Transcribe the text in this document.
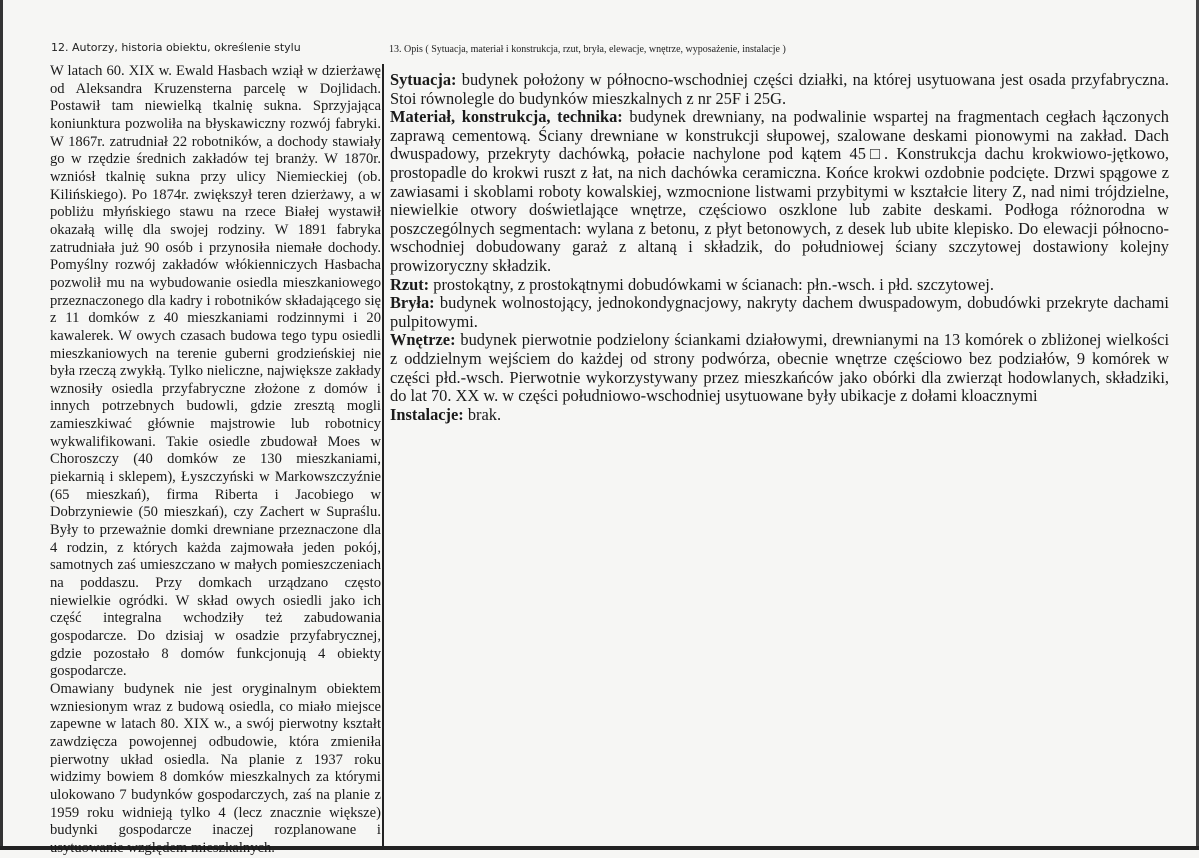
12. Autorzy, historia obiektu, określenie stylu	13. Opis ( Sytuacja, materiał i konstrukcja, rzut, bryła, elewacje, wnętrze, wyposażenie, instalacje )

W latach 60. XIX w. Ewald Hasbach wziął w dzierżawę od Aleksandra Kruzensterna parcelę w Dojlidach. Postawił tam niewielką tkalnię sukna. Sprzyjająca koniunktura pozwoliła na błyskawiczny rozwój fabryki. W 1867r. zatrudniał 22 robotników, a dochody stawiały go w rzędzie średnich zakładów tej branży. W 1870r. wzniósł tkalnię sukna przy ulicy Niemieckiej (ob. Kilińskiego). Po 1874r. zwiększył teren dzierżawy, a w pobliżu młyńskiego stawu na rzece Białej wystawił okazałą willę dla swojej rodziny. W 1891 fabryka zatrudniała już 90 osób i przynosiła niemałe dochody. Pomyślny rozwój zakładów włókienniczych Hasbacha pozwolił mu na wybudowanie osiedla mieszkaniowego przeznaczonego dla kadry i robotników składającego się z 11 domków z 40 mieszkaniami rodzinnymi i 20 kawalerek. W owych czasach budowa tego typu osiedli mieszkaniowych na terenie guberni grodzieńskiej nie była rzeczą zwykłą. Tylko nieliczne, największe zakłady wznosiły osiedla przyfabryczne złożone z domów i innych potrzebnych budowli, gdzie zresztą mogli zamieszkiwać głównie majstrowie lub robotnicy wykwalifikowani. Takie osiedle zbudował Moes w Choroszczy (40 domków ze 130 mieszkaniami, piekarnią i sklepem), Łyszczyński w Markowszczyźnie (65 mieszkań), firma Riberta i Jacobiego w Dobrzyniewie (50 mieszkań), czy Zachert w Supraślu. Były to przeważnie domki drewniane przeznaczone dla 4 rodzin, z których każda zajmowała jeden pokój, samotnych zaś umieszczano w małych pomieszczeniach na poddaszu. Przy domkach urządzano często niewielkie ogródki. W skład owych osiedli jako ich część integralna wchodziły też zabudowania gospodarcze. Do dzisiaj w osadzie przyfabrycznej, gdzie pozostało 8 domów funkcjonują 4 obiekty gospodarcze.

Omawiany budynek nie jest oryginalnym obiektem wzniesionym wraz z budową osiedla, co miało miejsce zapewne w latach 80. XIX w., a swój pierwotny kształt zawdzięcza powojennej odbudowie, która zmieniła pierwotny układ osiedla. Na planie z 1937 roku widzimy bowiem 8 domków mieszkalnych za którymi ulokowano 7 budynków gospodarczych, zaś na planie z 1959 roku widnieją tylko 4 (lecz znacznie większe) budynki gospodarcze inaczej rozplanowane i usytuowanie względem mieszkalnych.

Sytuacja: budynek położony w północno-wschodniej części działki, na której usytuowana jest osada przyfabryczna. Stoi równolegle do budynków mieszkalnych z nr 25F i 25G.

Materiał, konstrukcja, technika: budynek drewniany, na podwalinie wspartej na fragmentach cegłach łączonych zaprawą cementową. Ściany drewniane w konstrukcji słupowej, szalowane deskami pionowymi na zakład. Dach dwuspadowy, przekryty dachówką, połacie nachylone pod kątem 45□. Konstrukcja dachu krokwiowo-jętkowo, prostopadle do krokwi ruszt z łat, na nich dachówka ceramiczna. Końce krokwi ozdobnie podcięte. Drzwi spągowe z zawiasami i skoblami roboty kowalskiej, wzmocnione listwami przybitymi w kształcie litery Z, nad nimi trójdzielne, niewielkie otwory doświetlające wnętrze, częściowo oszklone lub zabite deskami. Podłoga różnorodna w poszczególnych segmentach: wylana z betonu, z płyt betonowych, z desek lub ubite klepisko. Do elewacji północno-wschodniej dobudowany garaż z altaną i składzik, do południowej ściany szczytowej dostawiony kolejny prowizoryczny składzik.

Rzut: prostokątny, z prostokątnymi dobudówkami w ścianach: płn.-wsch. i płd. szczytowej.

Bryła: budynek wolnostojący, jednokondygnacjowy, nakryty dachem dwuspadowym, dobudówki przekryte dachami pulpitowymi.

Wnętrze: budynek pierwotnie podzielony ściankami działowymi, drewnianymi na 13 komórek o zbliżonej wielkości z oddzielnym wejściem do każdej od strony podwórza, obecnie wnętrze częściowo bez podziałów, 9 komórek w części płd.-wsch. Pierwotnie wykorzystywany przez mieszkańców jako obórki dla zwierząt hodowlanych, składziki, do lat 70. XX w. w części południowo-wschodniej usytuowane były ubikacje z dołami kloacznymi

Instalacje: brak.
